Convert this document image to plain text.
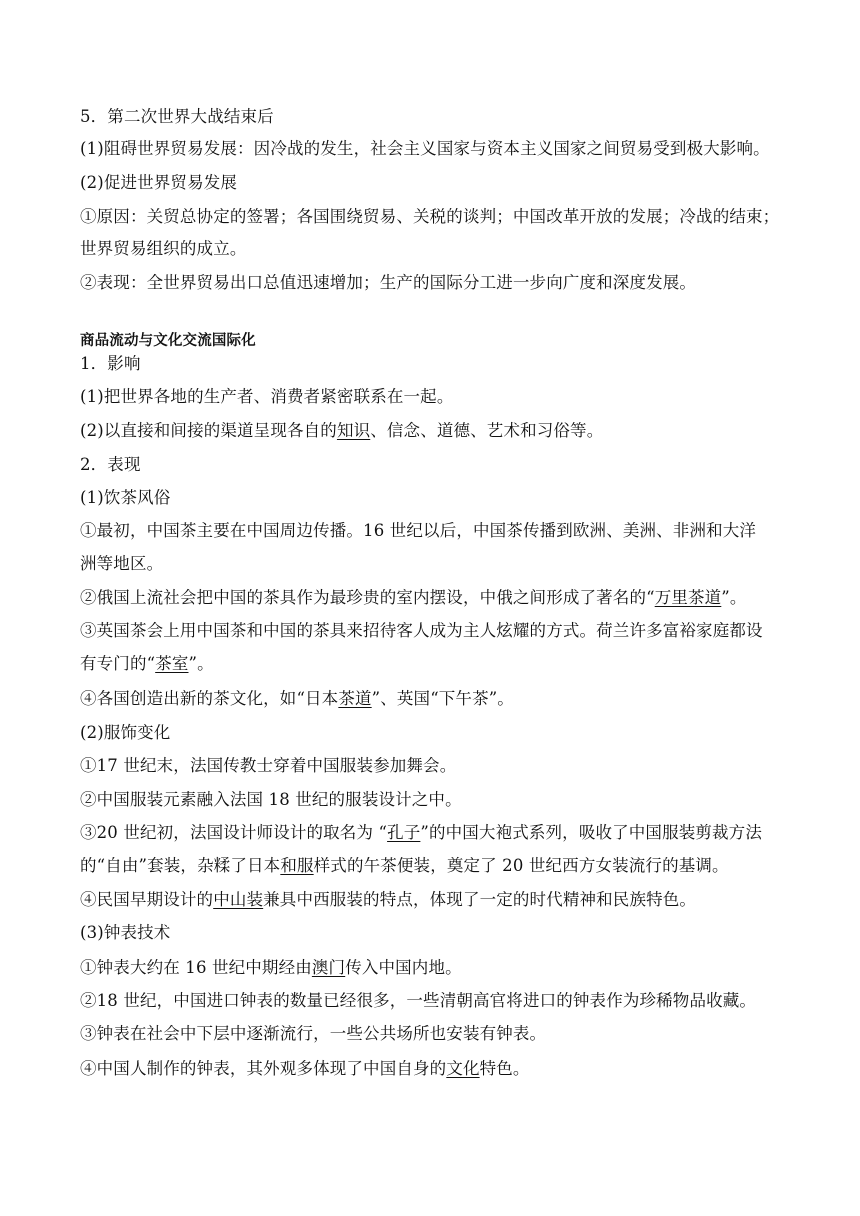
5．第二次世界大战结束后
(1)阻碍世界贸易发展：因冷战的发生，社会主义国家与资本主义国家之间贸易受到极大影响。
(2)促进世界贸易发展
①原因：关贸总协定的签署；各国围绕贸易、关税的谈判；中国改革开放的发展；冷战的结束；
世界贸易组织的成立。
②表现：全世界贸易出口总值迅速增加；生产的国际分工进一步向广度和深度发展。
商品流动与文化交流国际化
1．影响
(1)把世界各地的生产者、消费者紧密联系在一起。
(2)以直接和间接的渠道呈现各自的知识、信念、道德、艺术和习俗等。
2．表现
(1)饮茶风俗
①最初，中国茶主要在中国周边传播。16 世纪以后，中国茶传播到欧洲、美洲、非洲和大洋
洲等地区。
②俄国上流社会把中国的茶具作为最珍贵的室内摆设，中俄之间形成了著名的“万里茶道”。
③英国茶会上用中国茶和中国的茶具来招待客人成为主人炫耀的方式。荷兰许多富裕家庭都设
有专门的“茶室”。
④各国创造出新的茶文化，如“日本茶道”、英国“下午茶”。
(2)服饰变化
①17 世纪末，法国传教士穿着中国服装参加舞会。
②中国服装元素融入法国 18 世纪的服装设计之中。
③20 世纪初，法国设计师设计的取名为 “孔子”的中国大袍式系列，吸收了中国服装剪裁方法
的“自由”套装，杂糅了日本和服样式的午茶便装，奠定了 20 世纪西方女装流行的基调。
④民国早期设计的中山装兼具中西服装的特点，体现了一定的时代精神和民族特色。
(3)钟表技术
①钟表大约在 16 世纪中期经由澳门传入中国内地。
②18 世纪，中国进口钟表的数量已经很多，一些清朝高官将进口的钟表作为珍稀物品收藏。
③钟表在社会中下层中逐渐流行，一些公共场所也安装有钟表。
④中国人制作的钟表，其外观多体现了中国自身的文化特色。
